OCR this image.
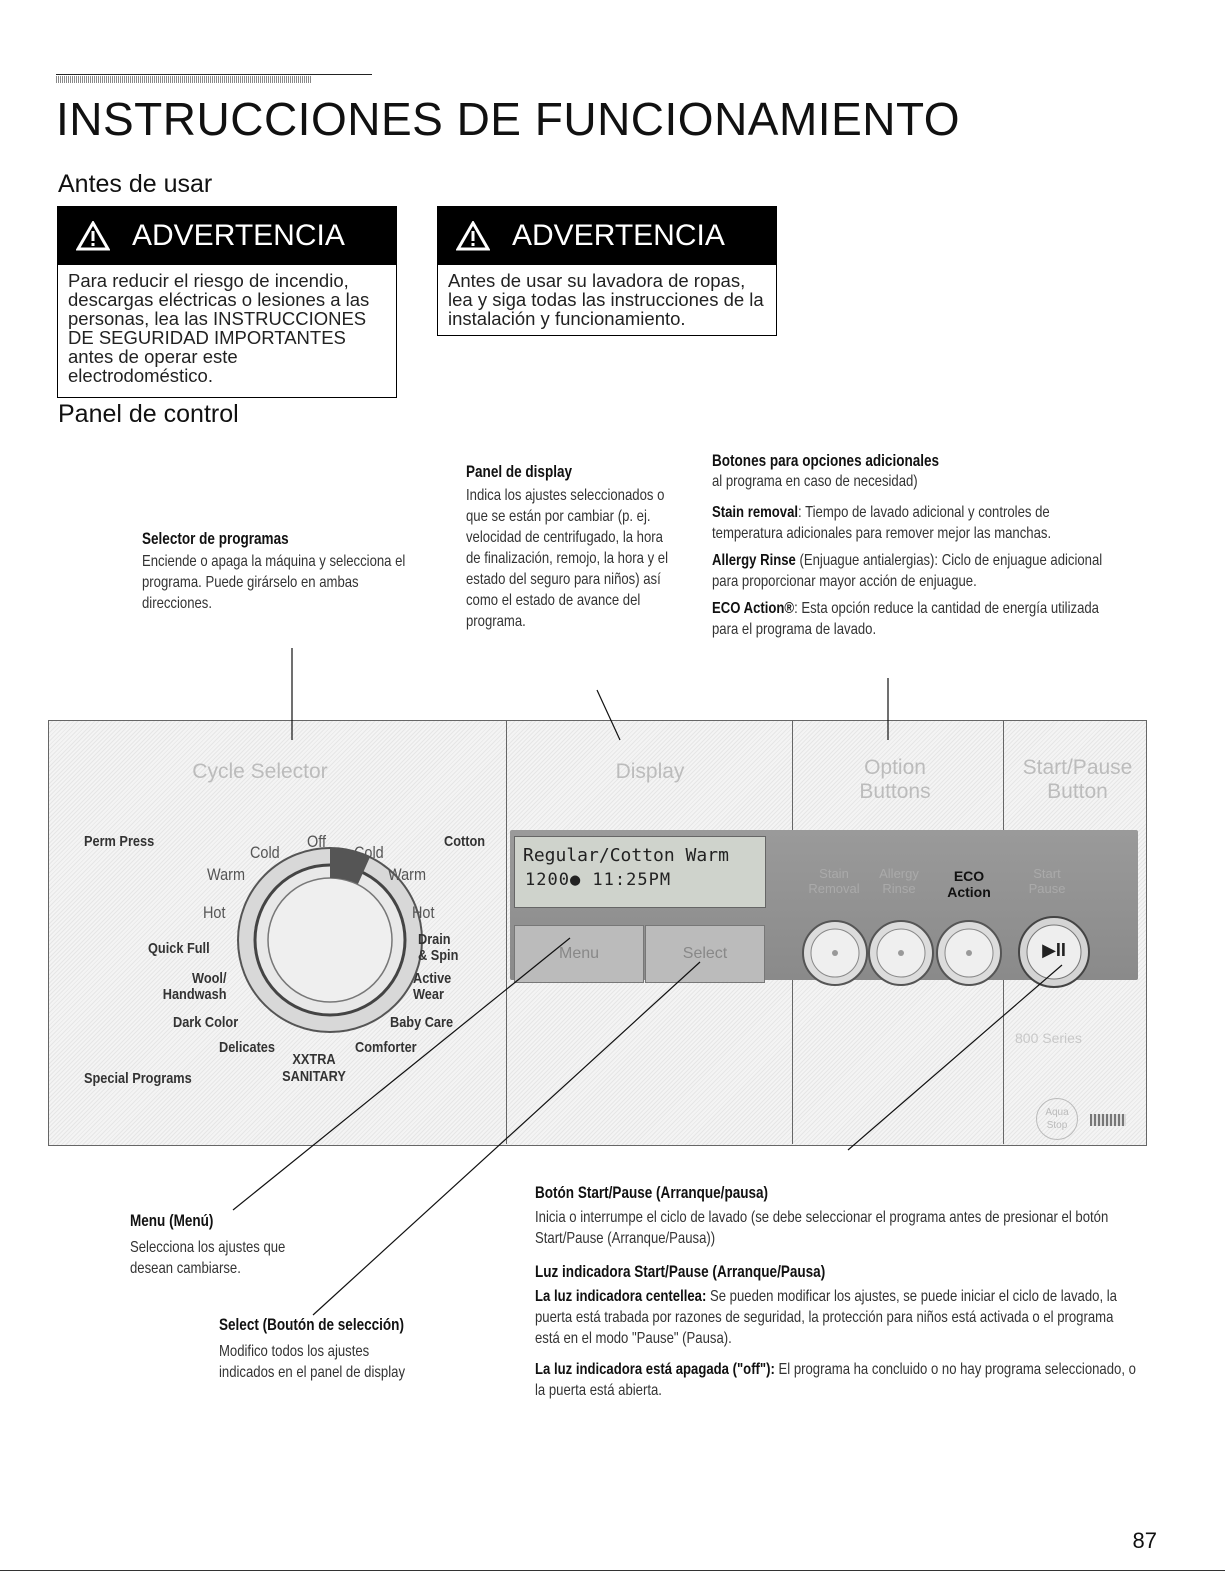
INSTRUCCIONES DE FUNCIONAMIENTO
Antes de usar
ADVERTENCIA
Para reducir el riesgo de incendio, descargas eléctricas o lesiones a las personas, lea las INSTRUCCIONES DE SEGURIDAD IMPORTANTES antes de operar este electrodoméstico.
ADVERTENCIA
Antes de usar su lavadora de ropas, lea y siga todas las instrucciones de la instalación y funcionamiento.
Panel de control
Selector de programas
Enciende o apaga la máquina y selecciona el programa. Puede girárselo en ambas direcciones.
Panel de display
Indica los ajustes seleccionados o que se están por cambiar (p. ej. velocidad de centrifugado, la hora de finalización, remojo, la hora y el estado del seguro para niños) así como el estado de avance del programa.
Botones para opciones adicionales
al programa en caso de necesidad)
Stain removal: Tiempo de lavado adicional y controles de temperatura adicionales para remover mejor las manchas.
Allergy Rinse (Enjuague antialergias): Ciclo de enjuague adicional para proporcionar mayor acción de enjuague.
ECO Action®: Esta opción reduce la cantidad de energía utilizada para el programa de lavado.
Cycle Selector	Display	Option Buttons
Start/Pause Button
Perm Press	Cotton
Off
Cold	Cold
Warm	Warm
Hot	Hot
Quick Full
Drain & Spin
Wool/ Handwash
Active Wear
Dark Color	Baby Care
Delicates	Comforter
XXTRA SANITARY
Special Programs
Regular/Cotton Warm
1200● 11:25PM
Menu	Select
Stain Removal
Allergy Rinse
ECO Action
Start Pause
▶II
800 Series
Aqua Stop
Menu (Menú)
Selecciona los ajustes que desean cambiarse.
Select (Boutón de selección)
Modifico todos los ajustes indicados en el panel de display
Botón Start/Pause (Arranque/pausa)
Inicia o interrumpe el ciclo de lavado (se debe seleccionar el programa antes de presionar el botón Start/Pause (Arranque/Pausa))
Luz indicadora Start/Pause (Arranque/Pausa)
La luz indicadora centellea: Se pueden modificar los ajustes, se puede iniciar el ciclo de lavado, la puerta está trabada por razones de seguridad, la protección para niños está activada o el programa está en el modo "Pause" (Pausa).
La luz indicadora está apagada ("off"): El programa ha concluido o no hay programa seleccionado, o la puerta está abierta.
87
